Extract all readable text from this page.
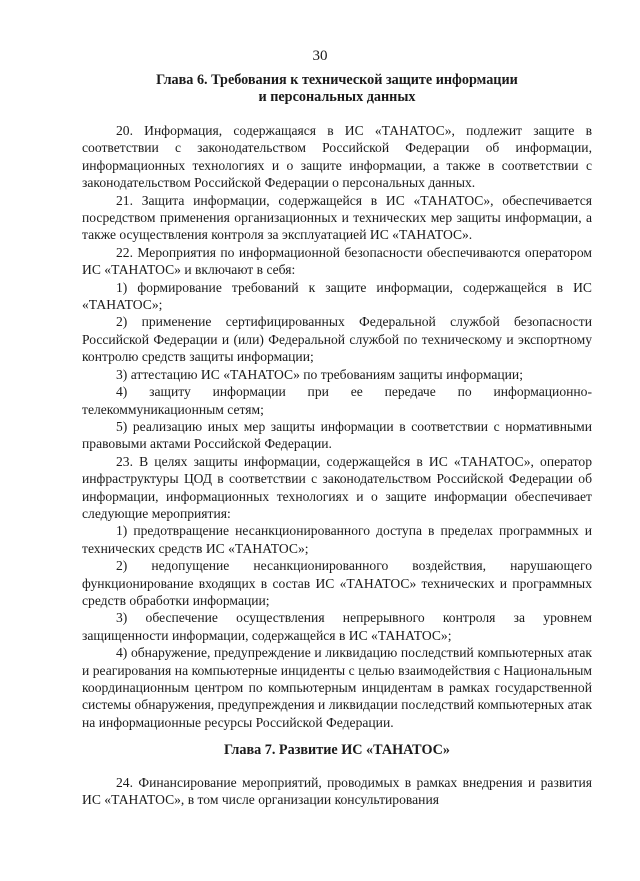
30
Глава 6. Требования к технической защите информации
и персональных данных

20. Информация, содержащаяся в ИС «ТАНАТОС», подлежит защите в соответствии с законодательством Российской Федерации об информации, информационных технологиях и о защите информации, а также в соответствии с законодательством Российской Федерации о персональных данных.

21. Защита информации, содержащейся в ИС «ТАНАТОС», обеспечивается посредством применения организационных и технических мер защиты информации, а также осуществления контроля за эксплуатацией ИС «ТАНАТОС».

22. Мероприятия по информационной безопасности обеспечиваются оператором ИС «ТАНАТОС» и включают в себя:

1) формирование требований к защите информации, содержащейся в ИС «ТАНАТОС»;

2) применение сертифицированных Федеральной службой безопасности Российской Федерации и (или) Федеральной службой по техническому и экспортному контролю средств защиты информации;

3) аттестацию ИС «ТАНАТОС» по требованиям защиты информации;

4) защиту информации при ее передаче по информационно-телекоммуникационным сетям;

5) реализацию иных мер защиты информации в соответствии с нормативными правовыми актами Российской Федерации.

23. В целях защиты информации, содержащейся в ИС «ТАНАТОС», оператор инфраструктуры ЦОД в соответствии с законодательством Российской Федерации об информации, информационных технологиях и о защите информации обеспечивает следующие мероприятия:

1) предотвращение несанкционированного доступа в пределах программных и технических средств ИС «ТАНАТОС»;

2) недопущение несанкционированного воздействия, нарушающего функционирование входящих в состав ИС «ТАНАТОС» технических и программных средств обработки информации;

3) обеспечение осуществления непрерывного контроля за уровнем защищенности информации, содержащейся в ИС «ТАНАТОС»;

4) обнаружение, предупреждение и ликвидацию последствий компьютерных атак и реагирования на компьютерные инциденты с целью взаимодействия с Национальным координационным центром по компьютерным инцидентам в рамках государственной системы обнаружения, предупреждения и ликвидации последствий компьютерных атак на информационные ресурсы Российской Федерации.

Глава 7. Развитие ИС «ТАНАТОС»

24. Финансирование мероприятий, проводимых в рамках внедрения и развития ИС «ТАНАТОС», в том числе организации консультирования
